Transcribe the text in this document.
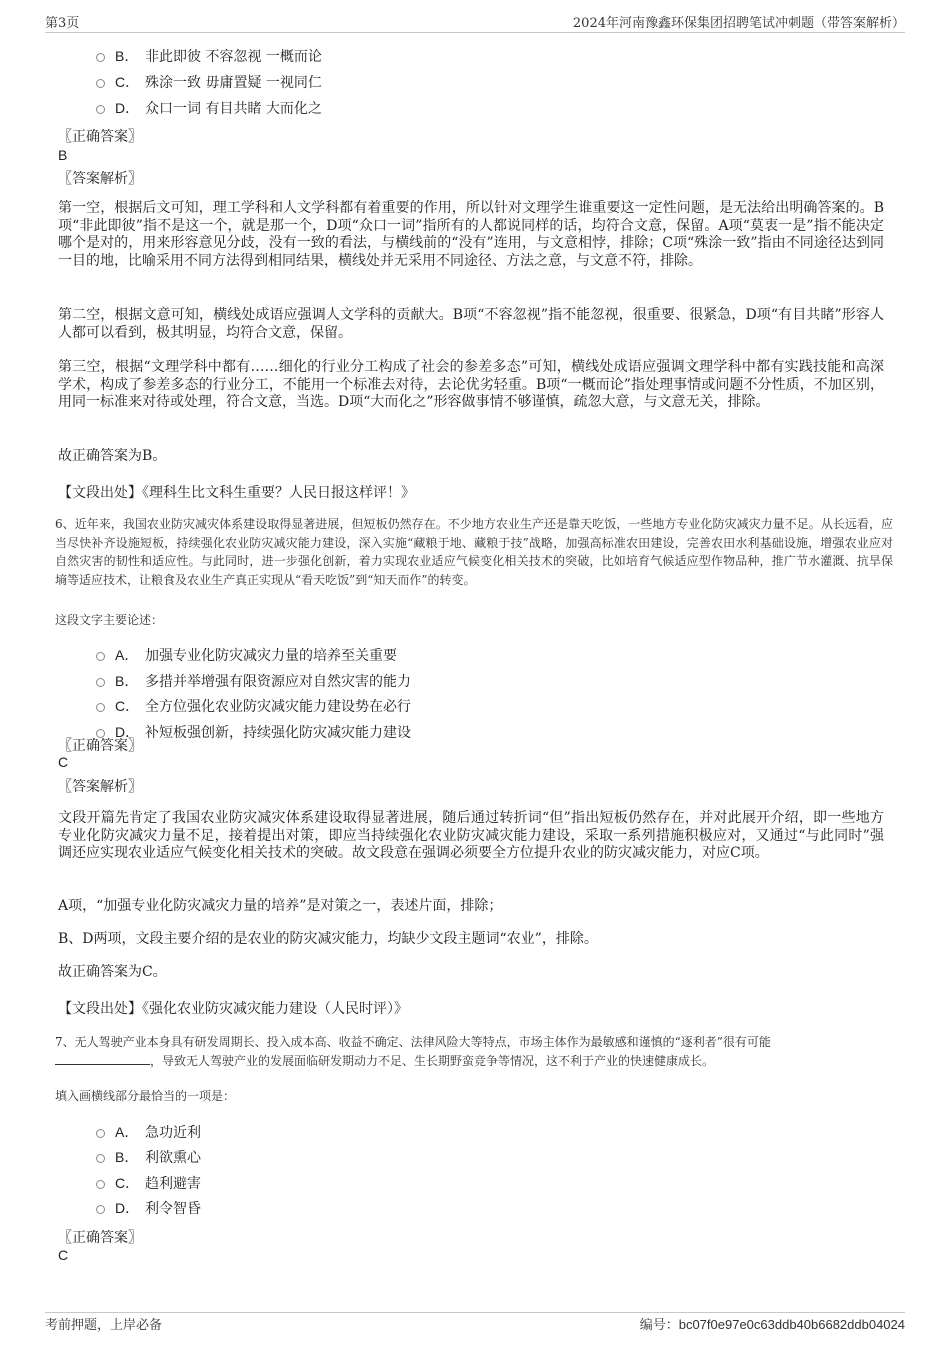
第3页	2024年河南豫鑫环保集团招聘笔试冲刺题（带答案解析）
B． 非此即彼 不容忽视 一概而论
C． 殊涂一致 毋庸置疑 一视同仁
D． 众口一词 有目共睹 大而化之
〖正确答案〗
B
〖答案解析〗
第一空，根据后文可知，理工学科和人文学科都有着重要的作用，所以针对文理学生谁重要这一定性问题，是无法给出明确答案的。B项“非此即彼”指不是这一个，就是那一个，D项“众口一词”指所有的人都说同样的话，均符合文意，保留。A项“莫衷一是”指不能决定哪个是对的，用来形容意见分歧，没有一致的看法，与横线前的“没有”连用，与文意相悖，排除；C项“殊涂一致”指由不同途径达到同一目的地，比喻采用不同方法得到相同结果，横线处并无采用不同途径、方法之意，与文意不符，排除。
第二空，根据文意可知，横线处成语应强调人文学科的贡献大。B项“不容忽视”指不能忽视，很重要、很紧急，D项“有目共睹”形容人人都可以看到，极其明显，均符合文意，保留。
第三空，根据“文理学科中都有……细化的行业分工构成了社会的参差多态”可知，横线处成语应强调文理学科中都有实践技能和高深学术，构成了参差多态的行业分工，不能用一个标准去对待，去论优劣轻重。B项“一概而论”指处理事情或问题不分性质，不加区别，用同一标准来对待或处理，符合文意，当选。D项“大而化之”形容做事情不够谨慎，疏忽大意，与文意无关，排除。
故正确答案为B。
【文段出处】《理科生比文科生重要？人民日报这样评！》
6、近年来，我国农业防灾减灾体系建设取得显著进展，但短板仍然存在。不少地方农业生产还是靠天吃饭，一些地方专业化防灾减灾力量不足。从长远看，应当尽快补齐设施短板，持续强化农业防灾减灾能力建设，深入实施“藏粮于地、藏粮于技”战略，加强高标准农田建设，完善农田水利基础设施，增强农业应对自然灾害的韧性和适应性。与此同时，进一步强化创新，着力实现农业适应气候变化相关技术的突破，比如培育气候适应型作物品种，推广节水灌溉、抗旱保墒等适应技术，让粮食及农业生产真正实现从“看天吃饭”到“知天而作”的转变。
这段文字主要论述：
A． 加强专业化防灾减灾力量的培养至关重要
B． 多措并举增强有限资源应对自然灾害的能力
C． 全方位强化农业防灾减灾能力建设势在必行
D． 补短板强创新，持续强化防灾减灾能力建设
〖正确答案〗
C
〖答案解析〗
文段开篇先肯定了我国农业防灾减灾体系建设取得显著进展，随后通过转折词“但”指出短板仍然存在，并对此展开介绍，即一些地方专业化防灾减灾力量不足，接着提出对策，即应当持续强化农业防灾减灾能力建设，采取一系列措施积极应对，又通过“与此同时”强调还应实现农业适应气候变化相关技术的突破。故文段意在强调必须要全方位提升农业的防灾减灾能力，对应C项。
A项，“加强专业化防灾减灾力量的培养”是对策之一，表述片面，排除；
B、D两项，文段主要介绍的是农业的防灾减灾能力，均缺少文段主题词“农业”，排除。
故正确答案为C。
【文段出处】《强化农业防灾减灾能力建设（人民时评）》
7、无人驾驶产业本身具有研发周期长、投入成本高、收益不确定、法律风险大等特点，市场主体作为最敏感和谨慎的“逐利者”很有可能
，导致无人驾驶产业的发展面临研发期动力不足、生长期野蛮竞争等情况，这不利于产业的快速健康成长。
填入画横线部分最恰当的一项是：
A． 急功近利
B． 利欲熏心
C． 趋利避害
D． 利令智昏
〖正确答案〗
C
考前押题，上岸必备	编号：bc07f0e97e0c63ddb40b6682ddb04024
